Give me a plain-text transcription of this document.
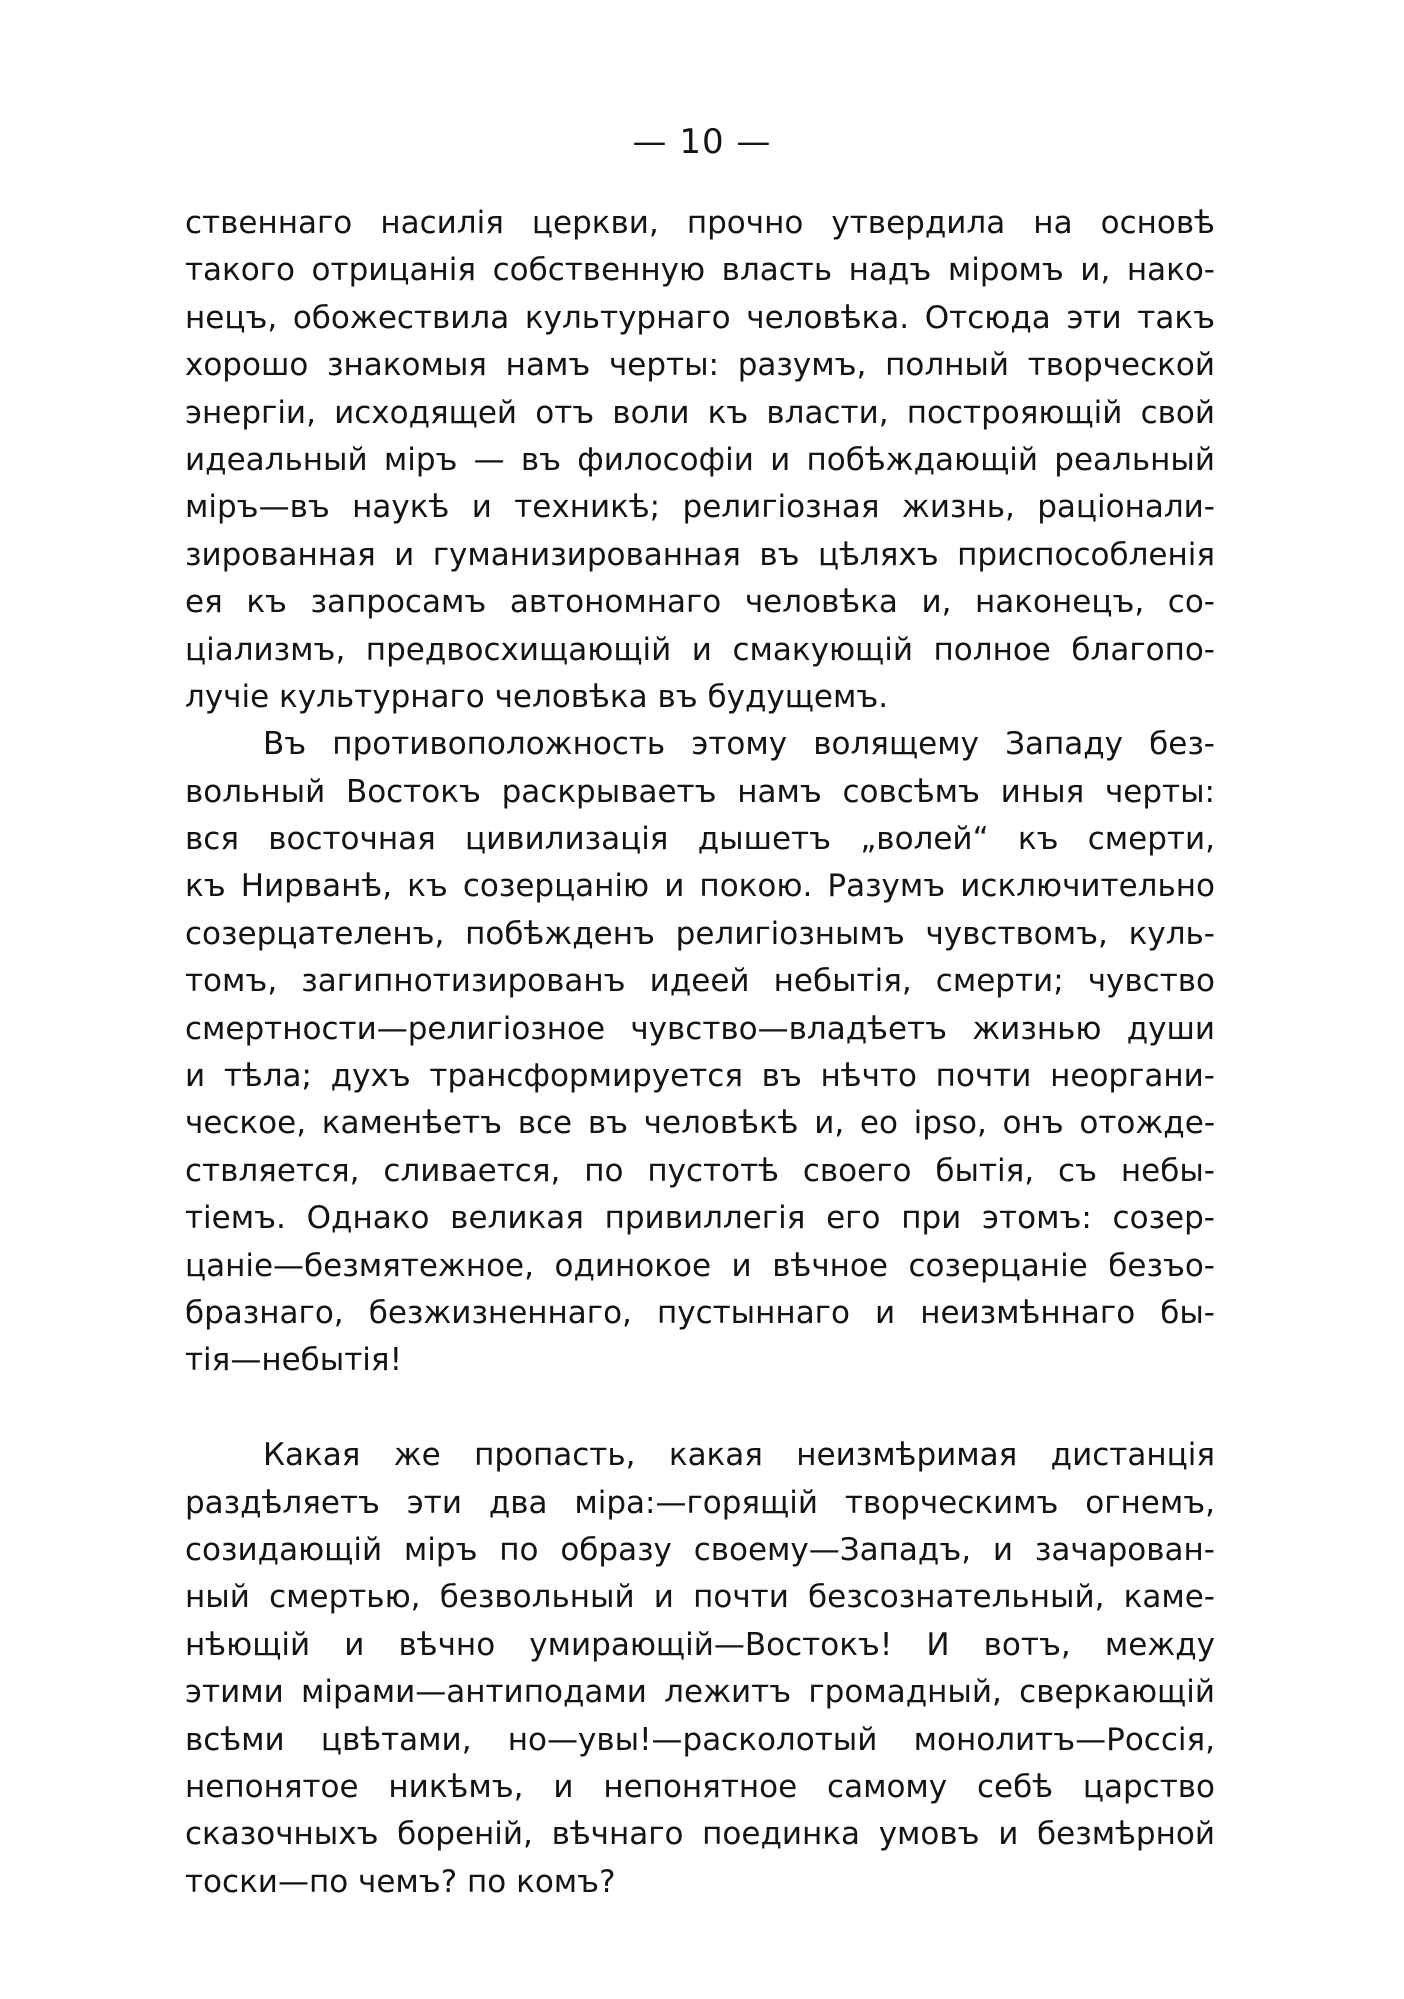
— 10 —
ственнаго насилія церкви, прочно утвердила на основѣ
такого отрицанія собственную власть надъ міромъ и, нако-
нецъ, обожествила культурнаго человѣка. Отсюда эти такъ
хорошо знакомыя намъ черты: разумъ, полный творческой
энергіи, исходящей отъ воли къ власти, построяющій свой
идеальный міръ — въ философіи и побѣждающій реальный
міръ—въ наукѣ и техникѣ; религіозная жизнь, раціонали-
зированная и гуманизированная въ цѣляхъ приспособленія
ея къ запросамъ автономнаго человѣка и, наконецъ, со-
ціализмъ, предвосхищающій и смакующій полное благопо-
лучіе культурнаго человѣка въ будущемъ.
Въ противоположность этому волящему Западу без-
вольный Востокъ раскрываетъ намъ совсѣмъ иныя черты:
вся восточная цивилизація дышетъ „волей“ къ смерти,
къ Нирванѣ, къ созерцанію и покою. Разумъ исключительно
созерцателенъ, побѣжденъ религіознымъ чувствомъ, куль-
томъ, загипнотизированъ идеей небытія, смерти; чувство
смертности—религіозное чувство—владѣетъ жизнью души
и тѣла; духъ трансформируется въ нѣчто почти неоргани-
ческое, каменѣетъ все въ человѣкѣ и, eo ipso, онъ отожде-
ствляется, сливается, по пустотѣ своего бытія, съ небы-
тіемъ. Однако великая привиллегія его при этомъ: созер-
цаніе—безмятежное, одинокое и вѣчное созерцаніе безъо-
бразнаго, безжизненнаго, пустыннаго и неизмѣннаго бы-
тія—небытія!
Какая же пропасть, какая неизмѣримая дистанція
раздѣляетъ эти два міра:—горящій творческимъ огнемъ,
созидающій міръ по образу своему—Западъ, и зачарован-
ный смертью, безвольный и почти безсознательный, каме-
нѣющій и вѣчно умирающій—Востокъ! И вотъ, между
этими мірами—антиподами лежитъ громадный, сверкающій
всѣми цвѣтами, но—увы!—расколотый монолитъ—Россія,
непонятое никѣмъ, и непонятное самому себѣ царство
сказочныхъ бореній, вѣчнаго поединка умовъ и безмѣрной
тоски—по чемъ? по комъ?
